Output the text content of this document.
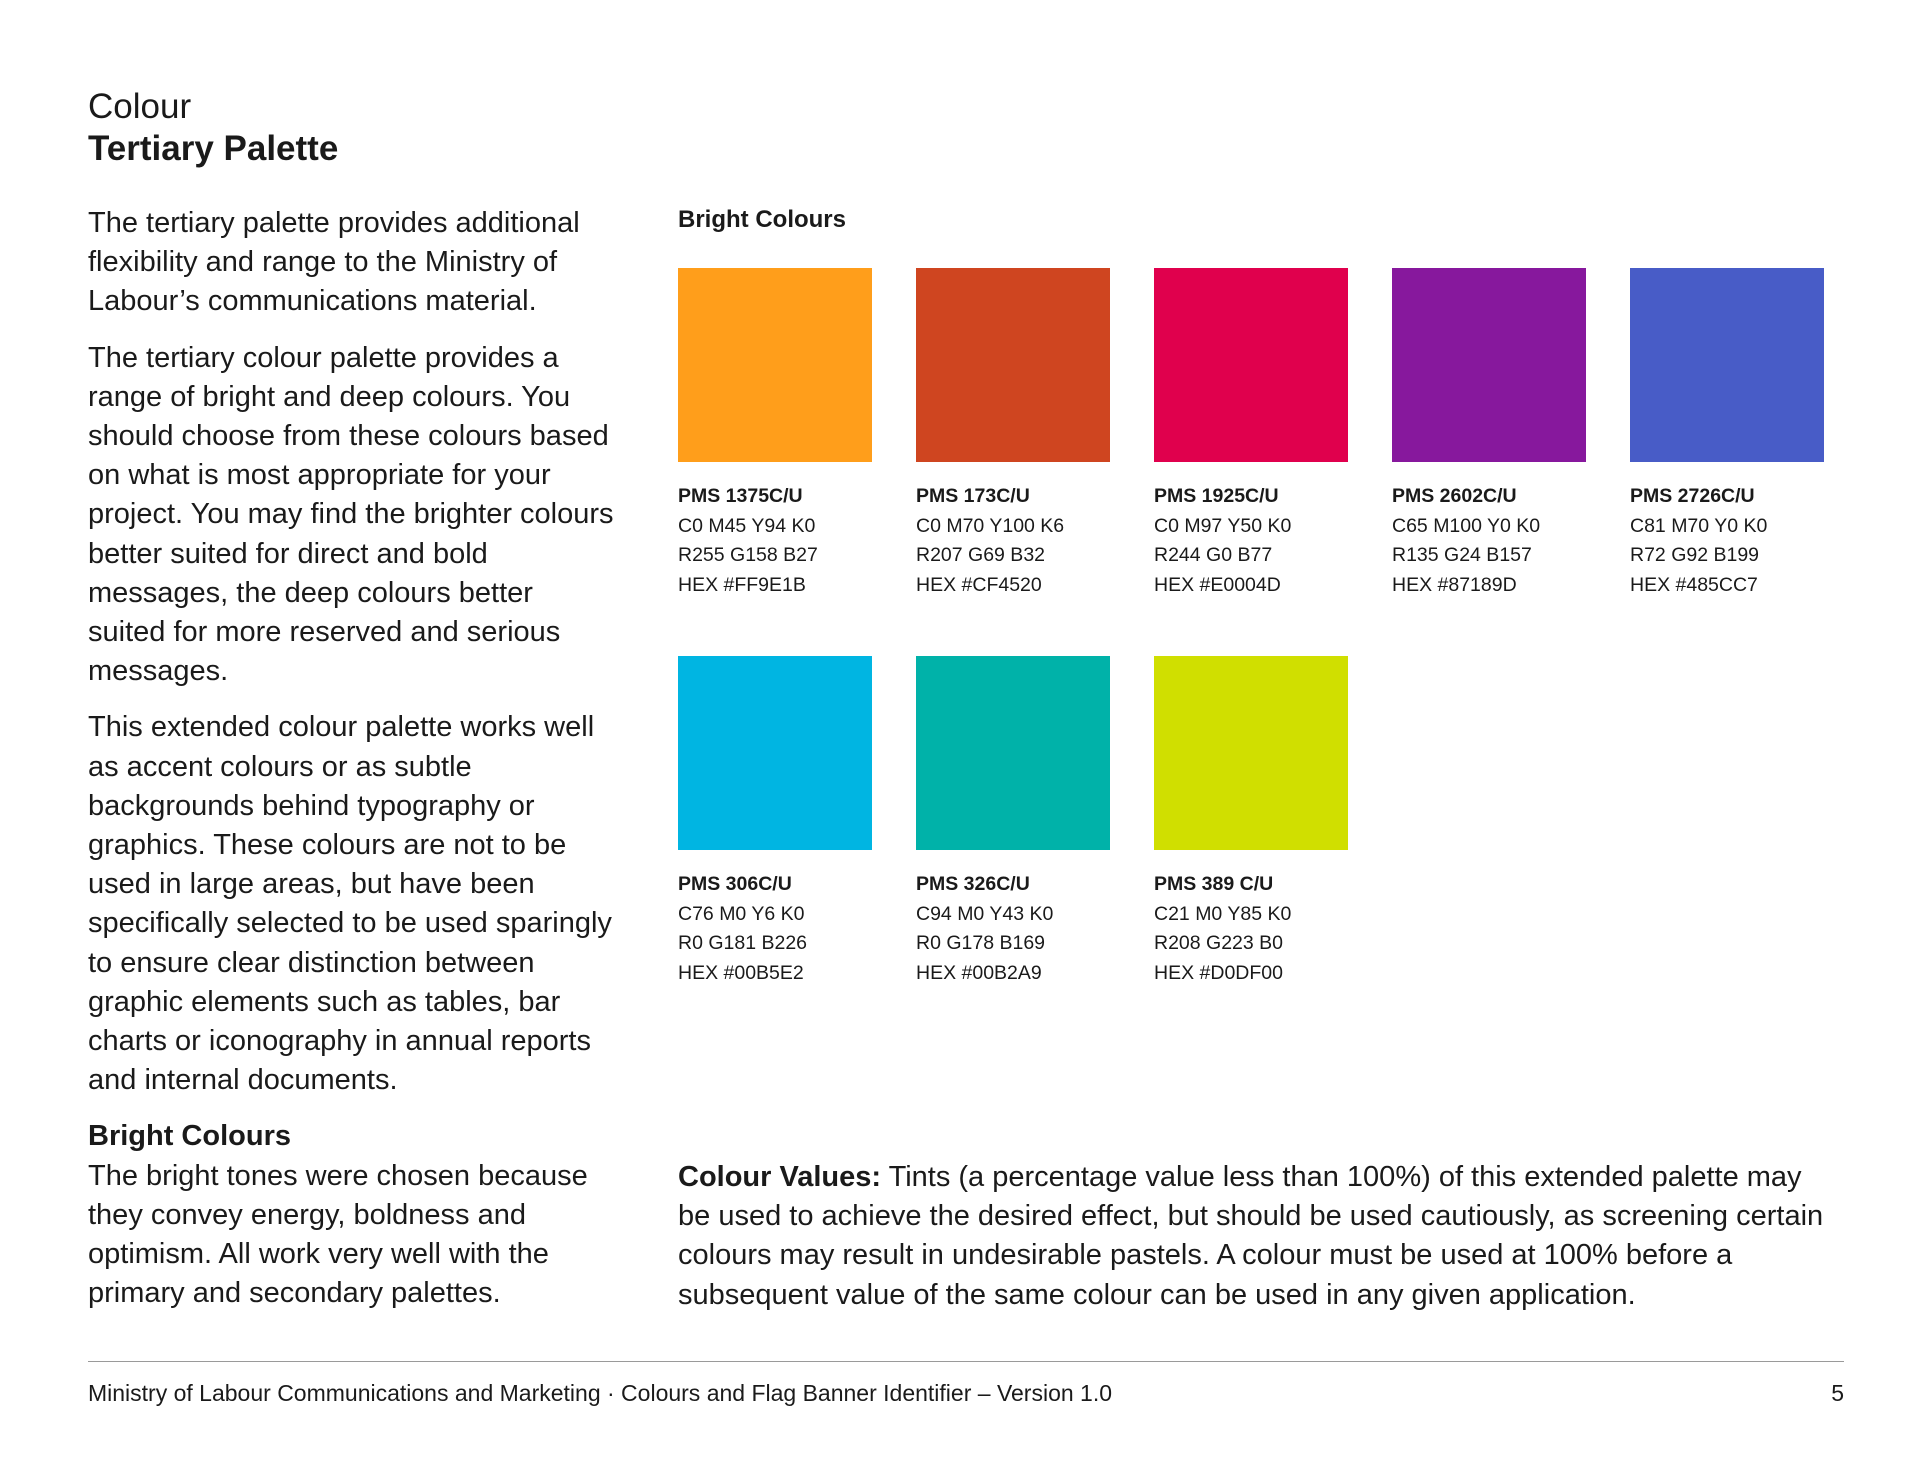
Colour
Tertiary Palette

The tertiary palette provides additional flexibility and range to the Ministry of Labour’s communications material.

The tertiary colour palette provides a range of bright and deep colours. You should choose from these colours based on what is most appropriate for your project. You may find the brighter colours better suited for direct and bold messages, the deep colours better suited for more reserved and serious messages.

This extended colour palette works well as accent colours or as subtle backgrounds behind typography or graphics. These colours are not to be used in large areas, but have been specifically selected to be used sparingly to ensure clear distinction between graphic elements such as tables, bar charts or iconography in annual reports and internal documents.

Bright Colours

The bright tones were chosen because they convey energy, boldness and optimism. All work very well with the primary and secondary palettes.

Bright Colours
PMS 1375C/U
C0 M45 Y94 K0
R255 G158 B27
HEX #FF9E1B
PMS 173C/U
C0 M70 Y100 K6
R207 G69 B32
HEX #CF4520
PMS 1925C/U
C0 M97 Y50 K0
R244 G0 B77
HEX #E0004D
PMS 2602C/U
C65 M100 Y0 K0
R135 G24 B157
HEX #87189D
PMS 2726C/U
C81 M70 Y0 K0
R72 G92 B199
HEX #485CC7
PMS 306C/U
C76 M0 Y6 K0
R0 G181 B226
HEX #00B5E2
PMS 326C/U
C94 M0 Y43 K0
R0 G178 B169
HEX #00B2A9
PMS 389 C/U
C21 M0 Y85 K0
R208 G223 B0
HEX #D0DF00
Colour Values: Tints (a percentage value less than 100%) of this extended palette may be used to achieve the desired effect, but should be used cautiously, as screening certain colours may result in undesirable pastels. A colour must be used at 100% before a subsequent value of the same colour can be used in any given application.
Ministry of Labour Communications and Marketing · Colours and Flag Banner Identifier – Version 1.0	5
